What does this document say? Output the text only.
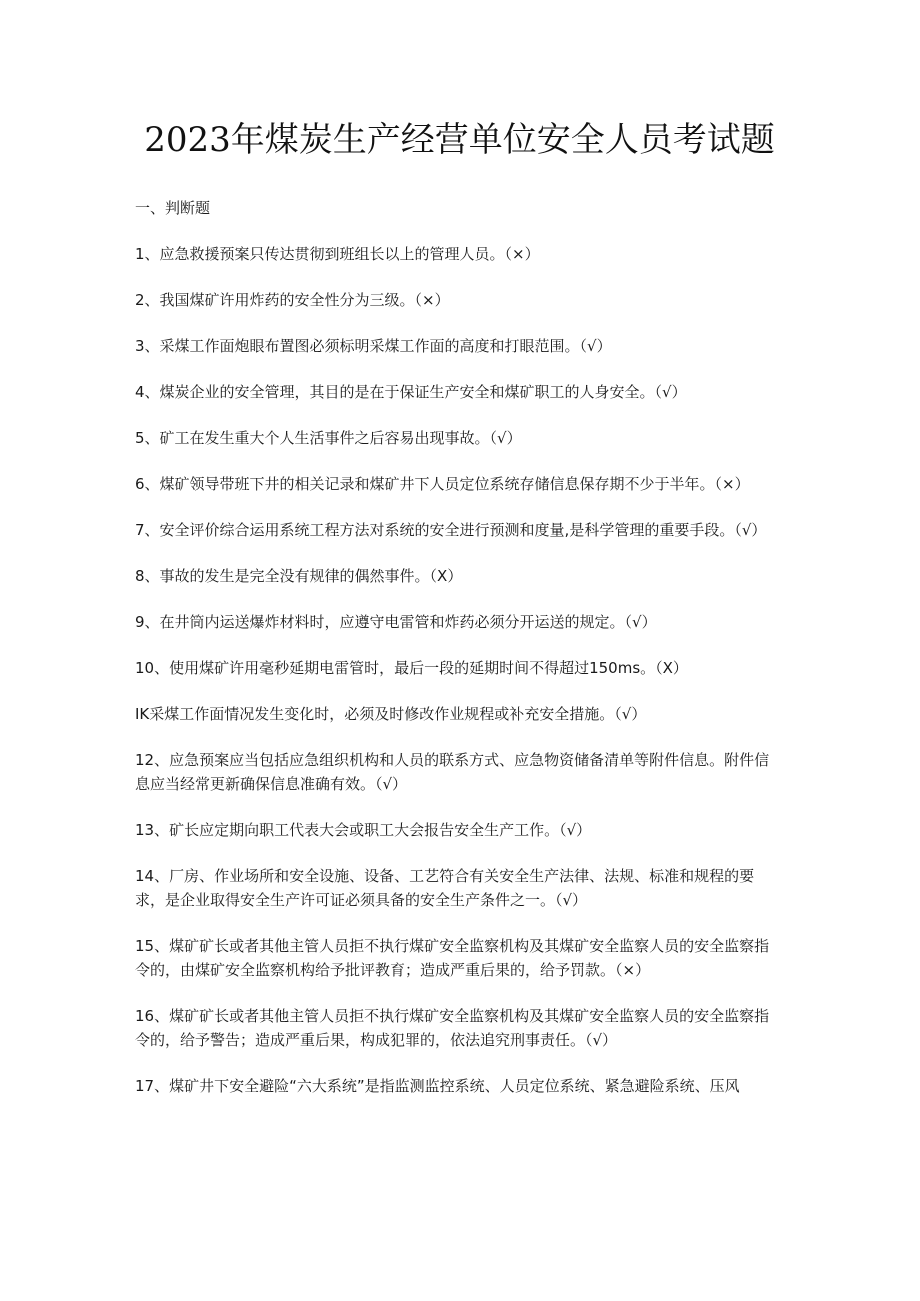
2023年煤炭生产经营单位安全人员考试题
一、判断题
1、应急救援预案只传达贯彻到班组长以上的管理人员。（×）
2、我国煤矿许用炸药的安全性分为三级。（×）
3、采煤工作面炮眼布置图必须标明采煤工作面的高度和打眼范围。（√）
4、煤炭企业的安全管理，其目的是在于保证生产安全和煤矿职工的人身安全。（√）
5、矿工在发生重大个人生活事件之后容易出现事故。（√）
6、煤矿领导带班下井的相关记录和煤矿井下人员定位系统存储信息保存期不少于半年。（×）
7、安全评价综合运用系统工程方法对系统的安全进行预测和度量,是科学管理的重要手段。（√）
8、事故的发生是完全没有规律的偶然事件。（X）
9、在井筒内运送爆炸材料时，应遵守电雷管和炸药必须分开运送的规定。（√）
10、使用煤矿许用毫秒延期电雷管时，最后一段的延期时间不得超过150ms。（X）
IK采煤工作面情况发生变化时，必须及时修改作业规程或补充安全措施。（√）
12、应急预案应当包括应急组织机构和人员的联系方式、应急物资储备清单等附件信息。附件信息应当经常更新确保信息准确有效。（√）
13、矿长应定期向职工代表大会或职工大会报告安全生产工作。（√）
14、厂房、作业场所和安全设施、设备、工艺符合有关安全生产法律、法规、标准和规程的要求，是企业取得安全生产许可证必须具备的安全生产条件之一。（√）
15、煤矿矿长或者其他主管人员拒不执行煤矿安全监察机构及其煤矿安全监察人员的安全监察指令的，由煤矿安全监察机构给予批评教育；造成严重后果的，给予罚款。（×）
16、煤矿矿长或者其他主管人员拒不执行煤矿安全监察机构及其煤矿安全监察人员的安全监察指令的，给予警告；造成严重后果，构成犯罪的，依法追究刑事责任。（√）
17、煤矿井下安全避险“六大系统”是指监测监控系统、人员定位系统、紧急避险系统、压风
